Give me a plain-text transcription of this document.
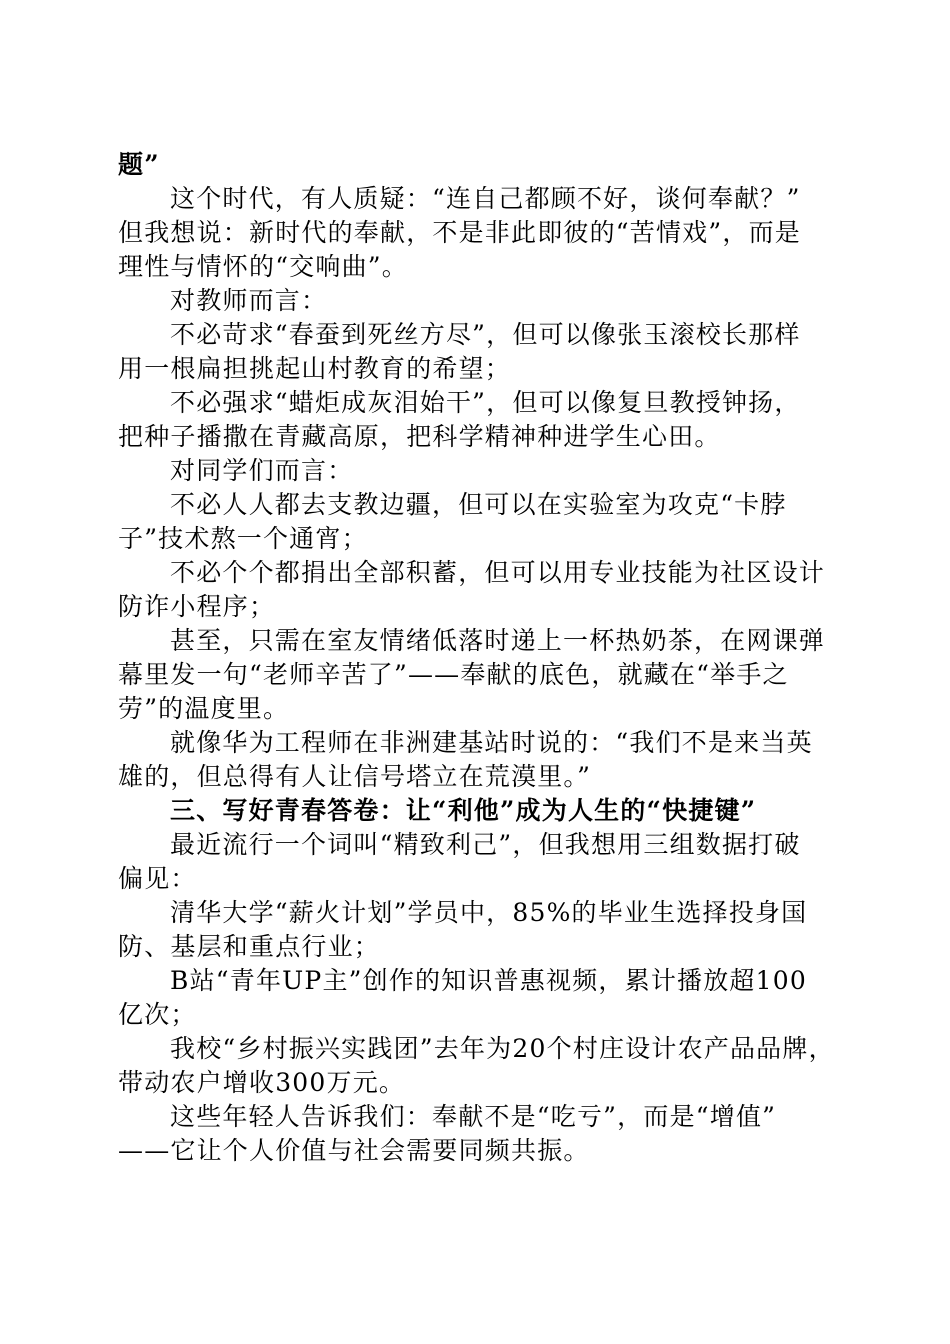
题”
这个时代，有人质疑：“连自己都顾不好，谈何奉献？”
但我想说：新时代的奉献，不是非此即彼的“苦情戏”，而是
理性与情怀的“交响曲”。
对教师而言：
不必苛求“春蚕到死丝方尽”，但可以像张玉滚校长那样
用一根扁担挑起山村教育的希望；
不必强求“蜡炬成灰泪始干”，但可以像复旦教授钟扬，
把种子播撒在青藏高原，把科学精神种进学生心田。
对同学们而言：
不必人人都去支教边疆，但可以在实验室为攻克“卡脖
子”技术熬一个通宵；
不必个个都捐出全部积蓄，但可以用专业技能为社区设计
防诈小程序；
甚至，只需在室友情绪低落时递上一杯热奶茶，在网课弹
幕里发一句“老师辛苦了”——奉献的底色，就藏在“举手之
劳”的温度里。
就像华为工程师在非洲建基站时说的：“我们不是来当英
雄的，但总得有人让信号塔立在荒漠里。”
三、写好青春答卷：让“利他”成为人生的“快捷键”
最近流行一个词叫“精致利己”，但我想用三组数据打破
偏见：
清华大学“薪火计划”学员中，85%的毕业生选择投身国
防、基层和重点行业；
B站“青年UP主”创作的知识普惠视频，累计播放超100
亿次；
我校“乡村振兴实践团”去年为20个村庄设计农产品品牌，
带动农户增收300万元。
这些年轻人告诉我们：奉献不是“吃亏”，而是“增值”
——它让个人价值与社会需要同频共振。
